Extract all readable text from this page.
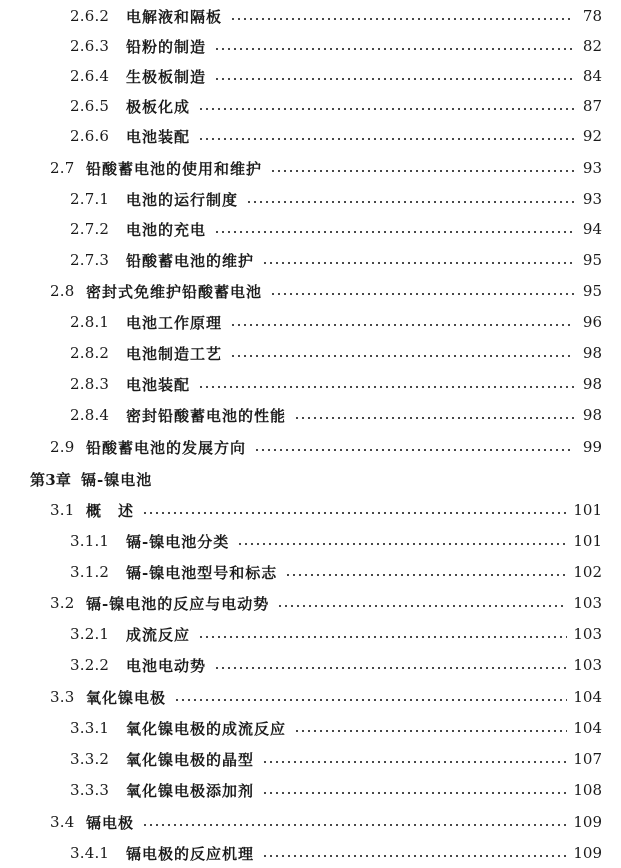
2.6.2	电解液和隔板	78
2.6.3	铅粉的制造	82
2.6.4	生极板制造	84
2.6.5	极板化成	87
2.6.6	电池装配	92
2.7 铅酸蓄电池的使用和维护	93
2.7.1	电池的运行制度	93
2.7.2	电池的充电	94
2.7.3	铅酸蓄电池的维护	95
2.8 密封式免维护铅酸蓄电池	95
2.8.1	电池工作原理	96
2.8.2	电池制造工艺	98
2.8.3	电池装配	98
2.8.4	密封铅酸蓄电池的性能	98
2.9 铅酸蓄电池的发展方向	99
第3章 镉-镍电池
3.1 概　述	101
3.1.1	镉-镍电池分类	101
3.1.2	镉-镍电池型号和标志	102
3.2 镉-镍电池的反应与电动势	103
3.2.1	成流反应	103
3.2.2	电池电动势	103
3.3 氧化镍电极	104
3.3.1	氧化镍电极的成流反应	104
3.3.2	氧化镍电极的晶型	107
3.3.3	氧化镍电极添加剂	108
3.4 镉电极	109
3.4.1	镉电极的反应机理	109
